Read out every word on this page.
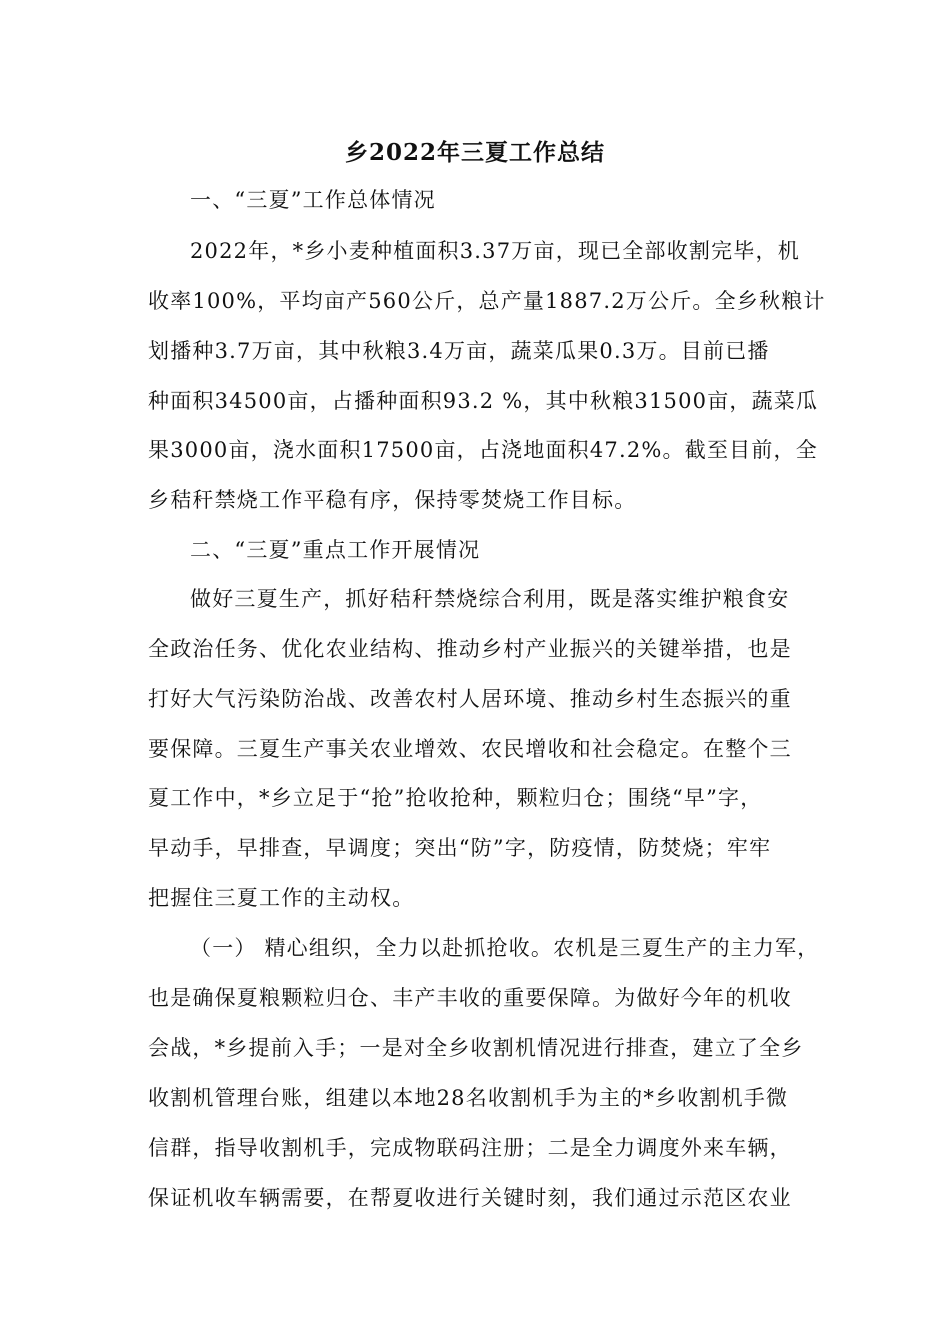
乡2022年三夏工作总结
一、“三夏”工作总体情况
2022年，*乡小麦种植面积3.37万亩，现已全部收割完毕，机
收率100%，平均亩产560公斤，总产量1887.2万公斤。全乡秋粮计
划播种3.7万亩，其中秋粮3.4万亩，蔬菜瓜果0.3万。目前已播
种面积34500亩，占播种面积93.2 %，其中秋粮31500亩，蔬菜瓜
果3000亩，浇水面积17500亩，占浇地面积47.2%。截至目前，全
乡秸秆禁烧工作平稳有序，保持零焚烧工作目标。
二、“三夏”重点工作开展情况
做好三夏生产，抓好秸秆禁烧综合利用，既是落实维护粮食安
全政治任务、优化农业结构、推动乡村产业振兴的关键举措，也是
打好大气污染防治战、改善农村人居环境、推动乡村生态振兴的重
要保障。三夏生产事关农业增效、农民增收和社会稳定。在整个三
夏工作中，*乡立足于“抢”抢收抢种，颗粒归仓；围绕“早”字，
早动手，早排查，早调度；突出“防”字，防疫情，防焚烧；牢牢
把握住三夏工作的主动权。
（一） 精心组织，全力以赴抓抢收。农机是三夏生产的主力军，
也是确保夏粮颗粒归仓、丰产丰收的重要保障。为做好今年的机收
会战，*乡提前入手；一是对全乡收割机情况进行排查，建立了全乡
收割机管理台账，组建以本地28名收割机手为主的*乡收割机手微
信群，指导收割机手，完成物联码注册；二是全力调度外来车辆，
保证机收车辆需要，在帮夏收进行关键时刻，我们通过示范区农业
